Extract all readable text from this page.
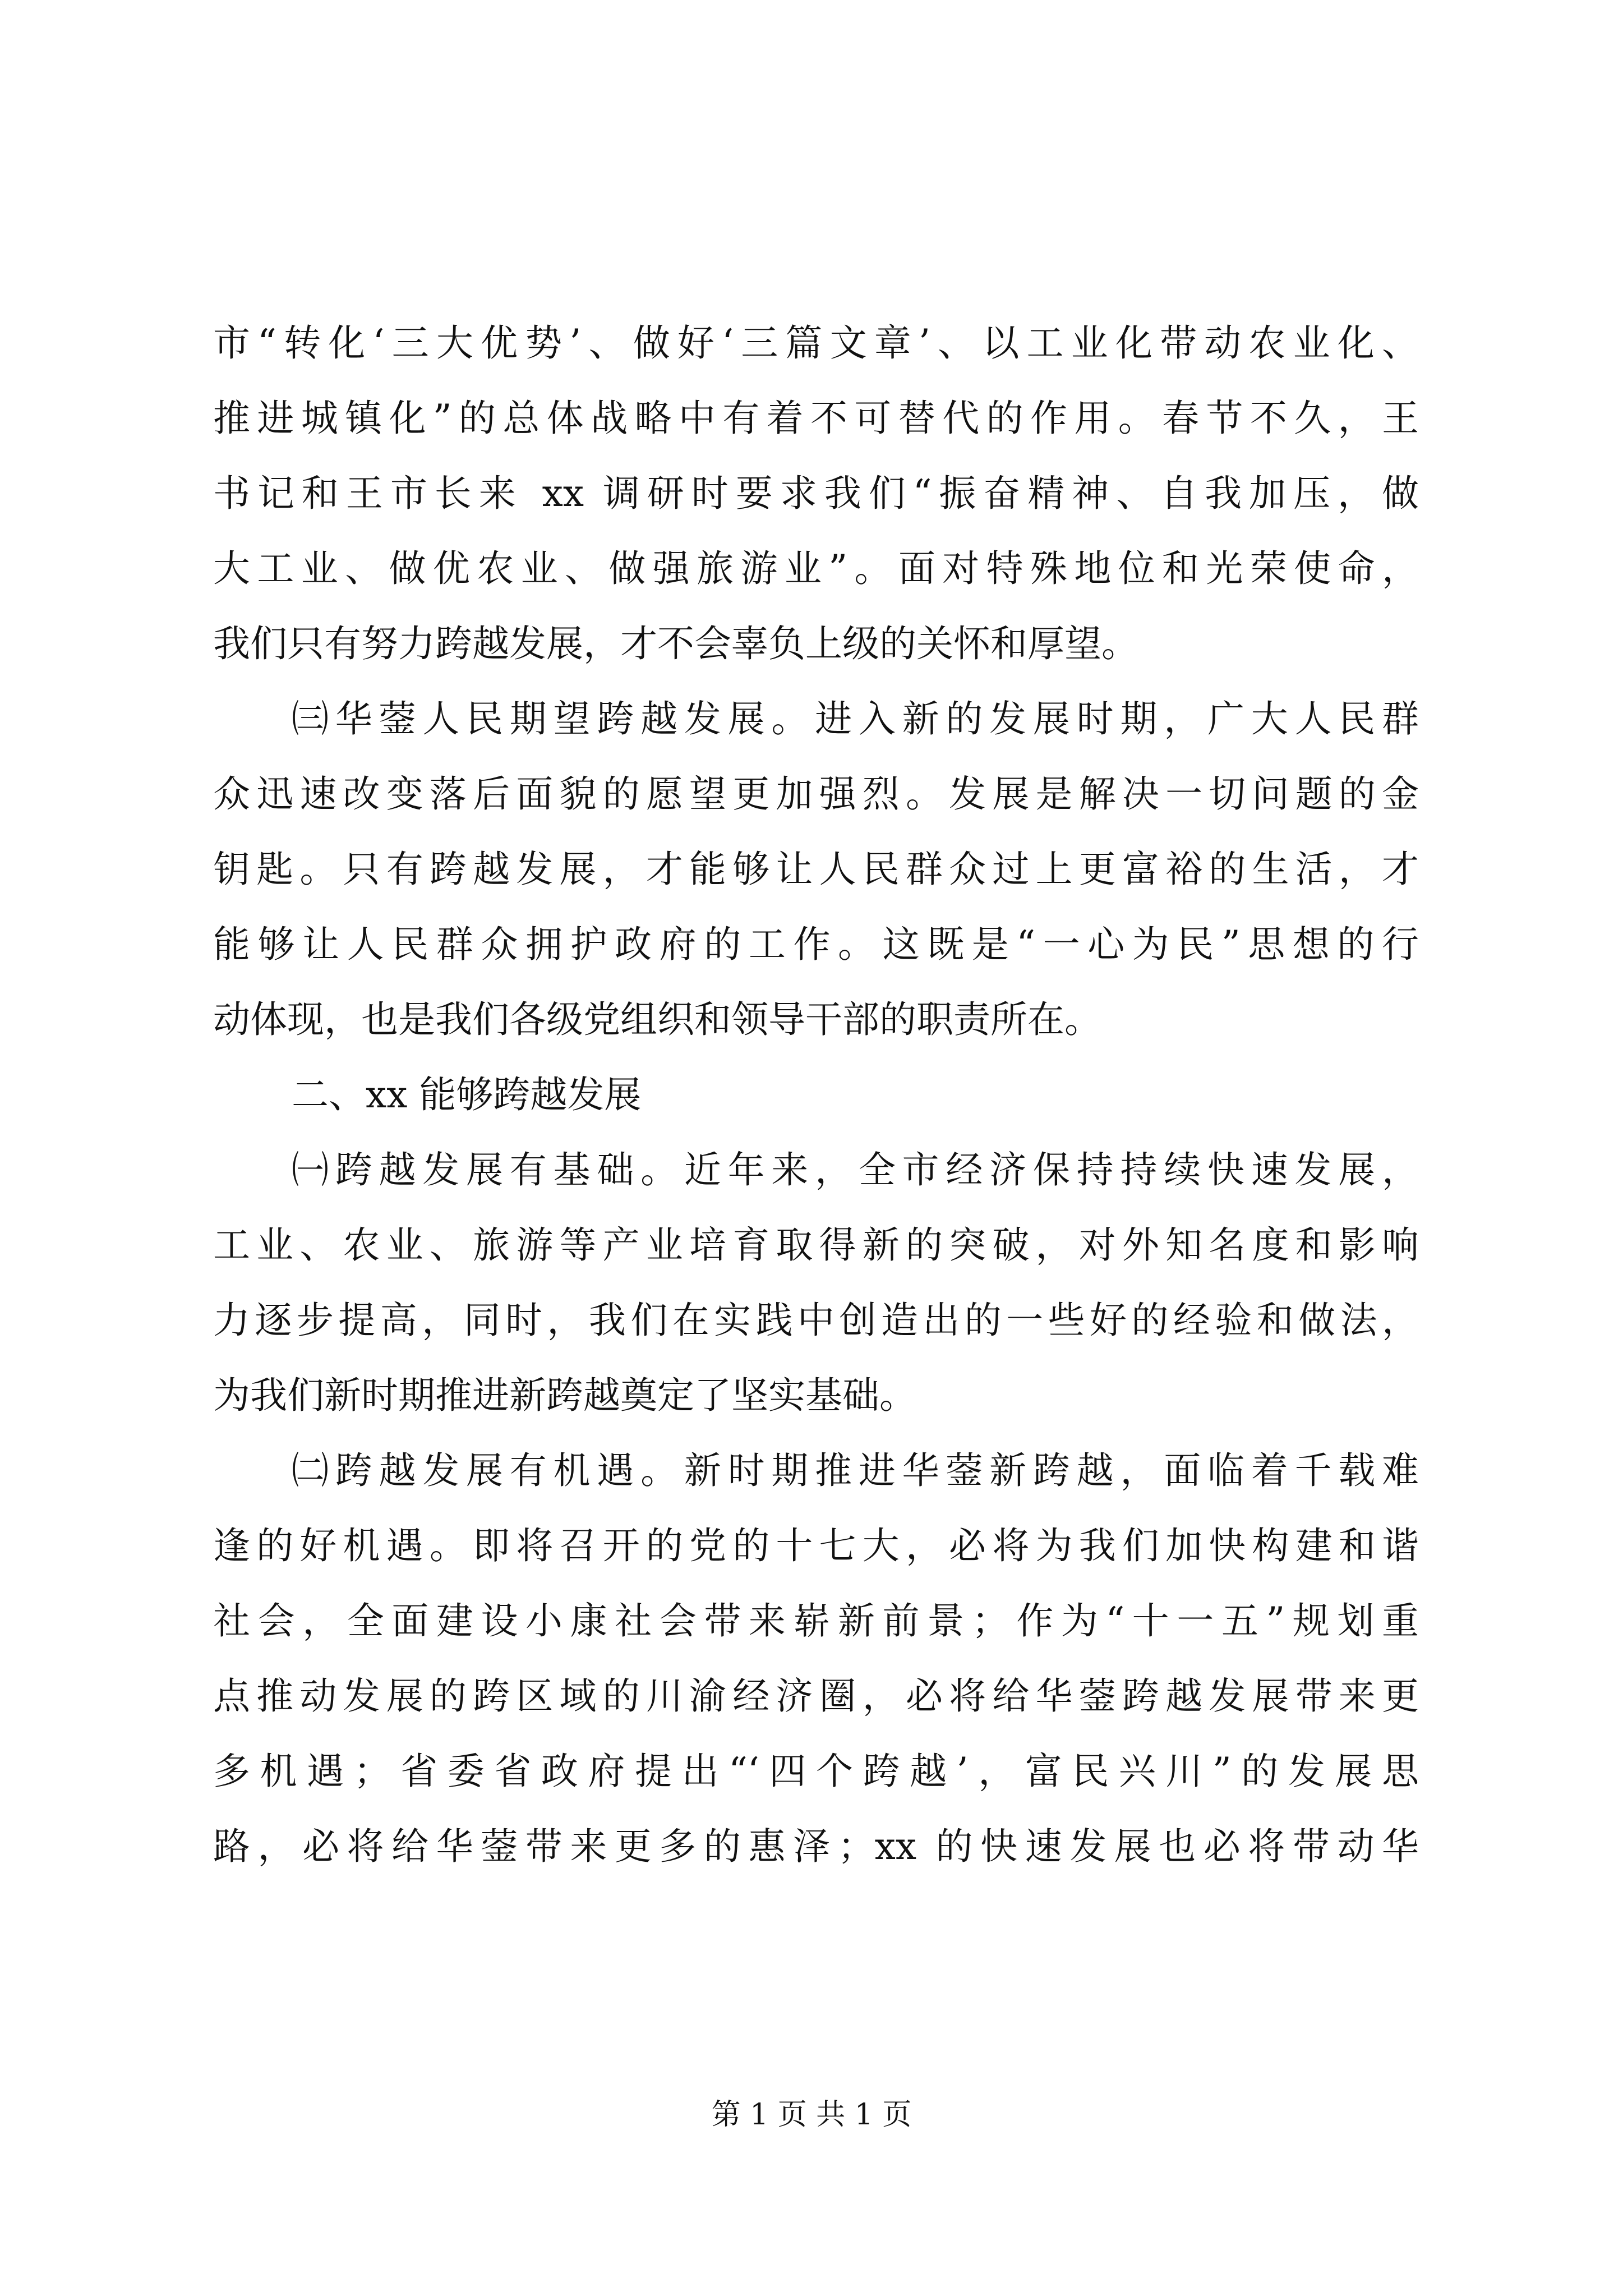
市“转化‘三大优势’、做好‘三篇文章’、以工业化带动农业化、
推进城镇化”的总体战略中有着不可替代的作用。春节不久，王
书记和王市长来 xx 调研时要求我们“振奋精神、自我加压，做
大工业、做优农业、做强旅游业”。面对特殊地位和光荣使命，
我们只有努力跨越发展，才不会辜负上级的关怀和厚望。
㈢华蓥人民期望跨越发展。进入新的发展时期，广大人民群
众迅速改变落后面貌的愿望更加强烈。发展是解决一切问题的金
钥匙。只有跨越发展，才能够让人民群众过上更富裕的生活，才
能够让人民群众拥护政府的工作。这既是“一心为民”思想的行
动体现，也是我们各级党组织和领导干部的职责所在。
二、xx 能够跨越发展
㈠跨越发展有基础。近年来，全市经济保持持续快速发展，
工业、农业、旅游等产业培育取得新的突破，对外知名度和影响
力逐步提高，同时，我们在实践中创造出的一些好的经验和做法，
为我们新时期推进新跨越奠定了坚实基础。
㈡跨越发展有机遇。新时期推进华蓥新跨越，面临着千载难
逢的好机遇。即将召开的党的十七大，必将为我们加快构建和谐
社会，全面建设小康社会带来崭新前景；作为“十一五”规划重
点推动发展的跨区域的川渝经济圈，必将给华蓥跨越发展带来更
多机遇；省委省政府提出“‘四个跨越’，富民兴川”的发展思
路，必将给华蓥带来更多的惠泽；xx 的快速发展也必将带动华
第 1 页 共 1 页
